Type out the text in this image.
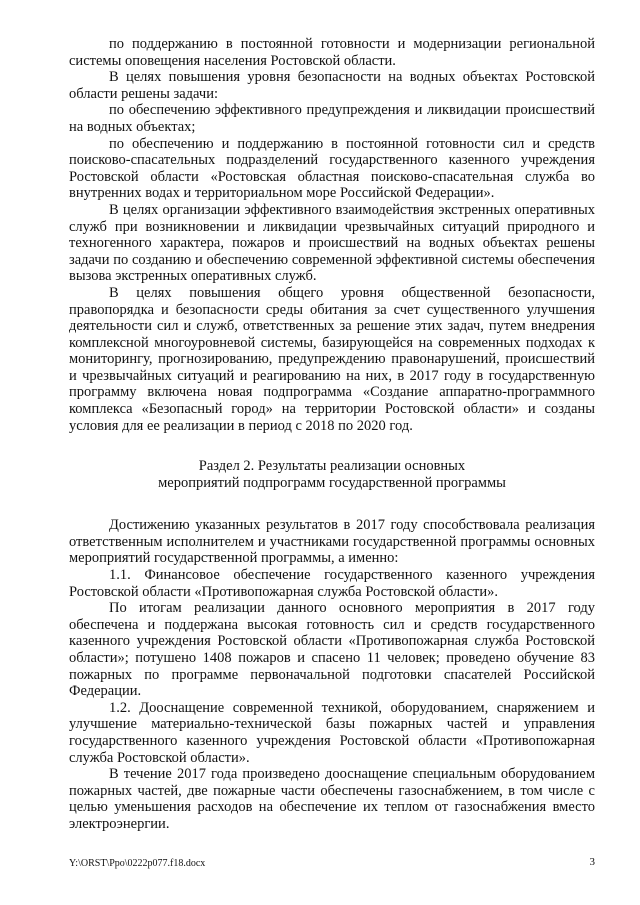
по поддержанию в постоянной готовности и модернизации региональной системы оповещения населения Ростовской области.

В целях повышения уровня безопасности на водных объектах Ростовской области решены задачи:

по обеспечению эффективного предупреждения и ликвидации происшествий на водных объектах;

по обеспечению и поддержанию в постоянной готовности сил и средств поисково-спасательных подразделений государственного казенного учреждения Ростовской области «Ростовская областная поисково-спасательная служба во внутренних водах и территориальном море Российской Федерации».

В целях организации эффективного взаимодействия экстренных оперативных служб при возникновении и ликвидации чрезвычайных ситуаций природного и техногенного характера, пожаров и происшествий на водных объектах решены задачи по созданию и обеспечению современной эффективной системы обеспечения вызова экстренных оперативных служб.

В целях повышения общего уровня общественной безопасности, правопорядка и безопасности среды обитания за счет существенного улучшения деятельности сил и служб, ответственных за решение этих задач, путем внедрения комплексной многоуровневой системы, базирующейся на современных подходах к мониторингу, прогнозированию, предупреждению правонарушений, происшествий и чрезвычайных ситуаций и реагированию на них, в 2017 году в государственную программу включена новая подпрограмма «Создание аппаратно-программного комплекса «Безопасный город» на территории Ростовской области» и созданы условия для ее реализации в период с 2018 по 2020 год.

Раздел 2. Результаты реализации основных
мероприятий подпрограмм государственной программы

Достижению указанных результатов в 2017 году способствовала реализация ответственным исполнителем и участниками государственной программы основных мероприятий государственной программы, а именно:

1.1. Финансовое обеспечение государственного казенного учреждения Ростовской области «Противопожарная служба Ростовской области».

По итогам реализации данного основного мероприятия в 2017 году обеспечена и поддержана высокая готовность сил и средств государственного казенного учреждения Ростовской области «Противопожарная служба Ростовской области»; потушено 1408 пожаров и спасено 11 человек; проведено обучение 83 пожарных по программе первоначальной подготовки спасателей Российской Федерации.

1.2. Дооснащение современной техникой, оборудованием, снаряжением и улучшение материально-технической базы пожарных частей и управления государственного казенного учреждения Ростовской области «Противопожарная служба Ростовской области».

В течение 2017 года произведено дооснащение специальным оборудованием пожарных частей, две пожарные части обеспечены газоснабжением, в том числе с целью уменьшения расходов на обеспечение их теплом от газоснабжения вместо электроэнергии.

Y:\ORST\Ppo\0222p077.f18.docx	3
